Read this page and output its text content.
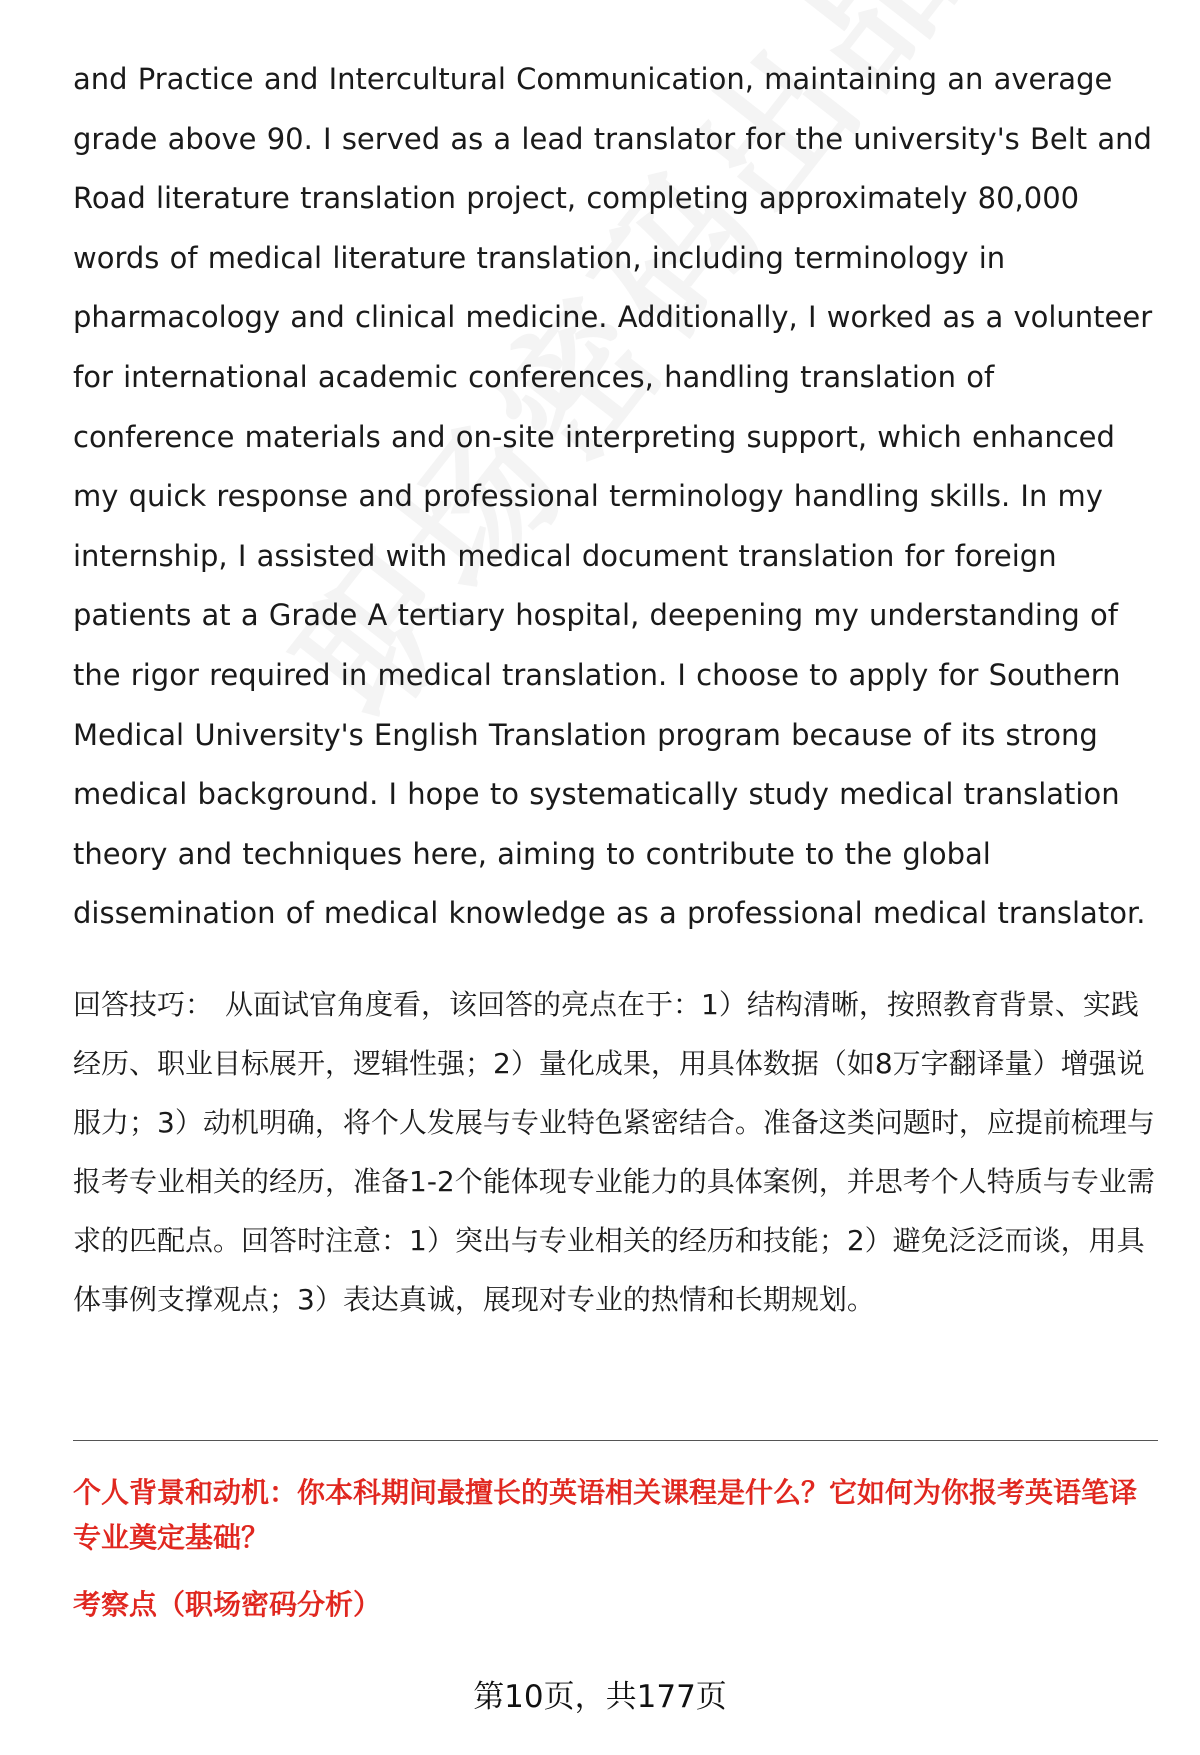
and Practice and Intercultural Communication, maintaining an average grade above 90. I served as a lead translator for the university's Belt and Road literature translation project, completing approximately 80,000 words of medical literature translation, including terminology in pharmacology and clinical medicine. Additionally, I worked as a volunteer for international academic conferences, handling translation of conference materials and on-site interpreting support, which enhanced my quick response and professional terminology handling skills. In my internship, I assisted with medical document translation for foreign patients at a Grade A tertiary hospital, deepening my understanding of the rigor required in medical translation. I choose to apply for Southern Medical University's English Translation program because of its strong medical background. I hope to systematically study medical translation theory and techniques here, aiming to contribute to the global dissemination of medical knowledge as a professional medical translator.

回答技巧： 从面试官角度看，该回答的亮点在于：1）结构清晰，按照教育背景、实践经历、职业目标展开，逻辑性强；2）量化成果，用具体数据（如8万字翻译量）增强说服力；3）动机明确，将个人发展与专业特色紧密结合。准备这类问题时，应提前梳理与报考专业相关的经历，准备1-2个能体现专业能力的具体案例，并思考个人特质与专业需求的匹配点。回答时注意：1）突出与专业相关的经历和技能；2）避免泛泛而谈，用具体事例支撑观点；3）表达真诚，展现对专业的热情和长期规划。

个人背景和动机：你本科期间最擅长的英语相关课程是什么？它如何为你报考英语笔译专业奠定基础？

考察点（职场密码分析）

第10页，共177页
